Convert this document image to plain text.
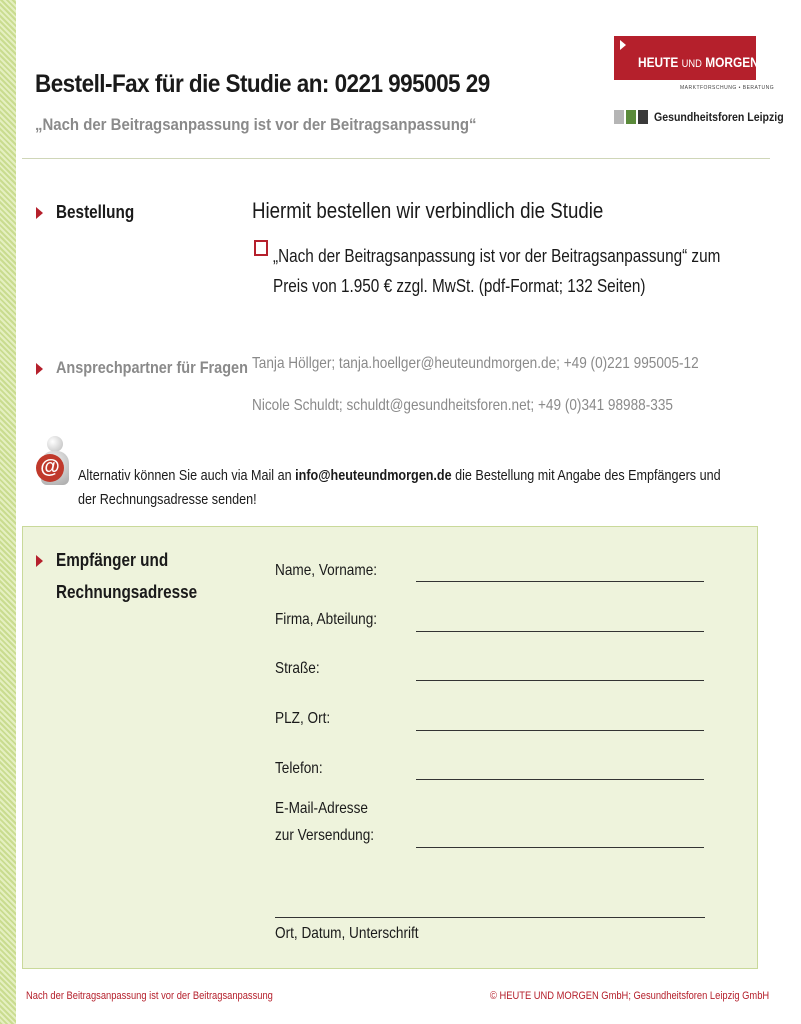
Bestell-Fax für die Studie an: 0221 995005 29
„Nach der Beitragsanpassung ist vor der Beitragsanpassung“
HEUTE UND MORGEN
MARKTFORSCHUNG • BERATUNG
Gesundheitsforen Leipzig
Bestellung	Hiermit bestellen wir verbindlich die Studie
„Nach der Beitragsanpassung ist vor der Beitragsanpassung“ zum Preis von 1.950 € zzgl. MwSt. (pdf-Format; 132 Seiten)
Ansprechpartner für Fragen Tanja Höllger; tanja.hoellger@heuteundmorgen.de; +49 (0)221 995005-12
Nicole Schuldt; schuldt@gesundheitsforen.net; +49 (0)341 98988-335
@ Alternativ können Sie auch via Mail an info@heuteundmorgen.de die Bestellung mit Angabe des Empfängers und der Rechnungsadresse senden!
Empfänger und
Rechnungsadresse
Name, Vorname:
Firma, Abteilung:
Straße:
PLZ, Ort:
Telefon:
E-Mail-Adresse
zur Versendung:
Ort, Datum, Unterschrift
Nach der Beitragsanpassung ist vor der Beitragsanpassung	© HEUTE UND MORGEN GmbH; Gesundheitsforen Leipzig GmbH
